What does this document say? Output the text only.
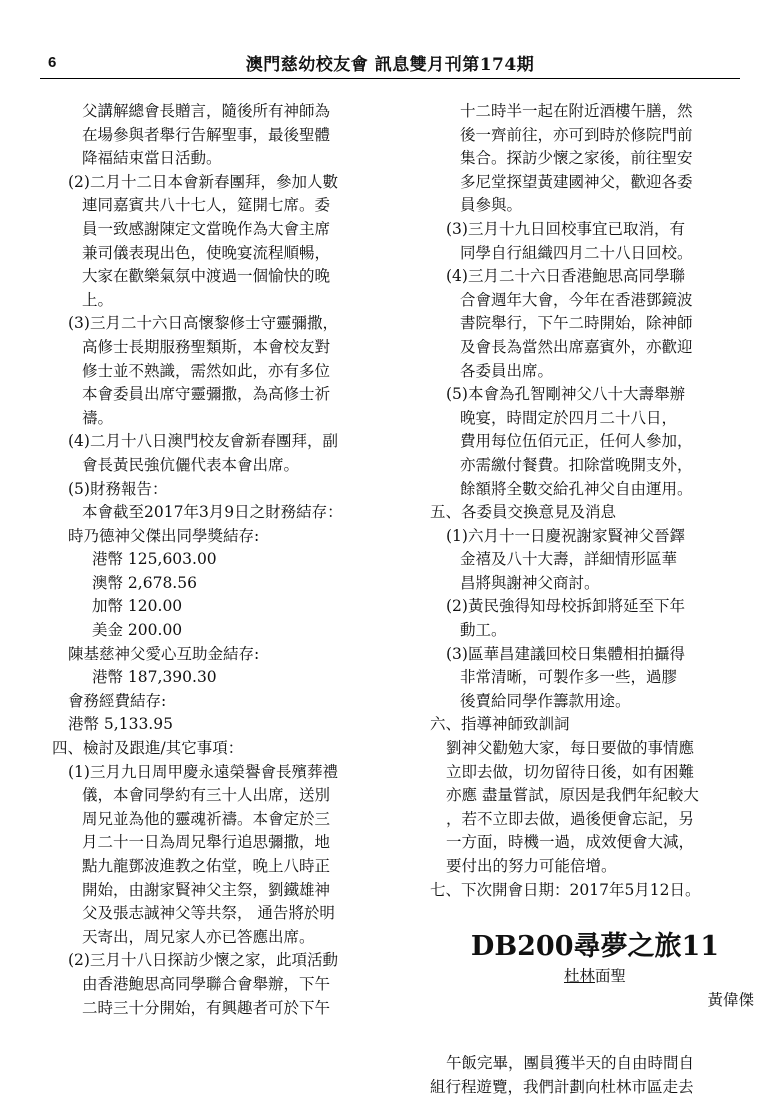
6	澳門慈幼校友會 訊息雙月刊第174期
父講解總會長贈言，隨後所有神師為
在場參與者舉行告解聖事，最後聖體
降福結束當日活動。
(2)二月十二日本會新春團拜，參加人數
連同嘉賓共八十七人，筵開七席。委
員一致感謝陳定文當晚作為大會主席
兼司儀表現出色，使晚宴流程順暢，
大家在歡樂氣氛中渡過一個愉快的晚
上。
(3)三月二十六日高懷黎修士守靈彌撒，
高修士長期服務聖類斯，本會校友對
修士並不熟識，需然如此，亦有多位
本會委員出席守靈彌撒，為高修士祈
禱。
(4)二月十八日澳門校友會新春團拜，副
會長黃民強伉儷代表本會出席。
(5)財務報告：
本會截至2017年3月9日之財務結存：
時乃德神父傑出同學獎結存:
港幣 125,603.00
澳幣 2,678.56
加幣 120.00
美金 200.00
陳基慈神父愛心互助金結存:
港幣 187,390.30
會務經費結存:
港幣 5,133.95
四、檢討及跟進/其它事項：
(1)三月九日周甲慶永遠榮譽會長殯葬禮
儀，本會同學約有三十人出席，送別
周兄並為他的靈魂祈禱。本會定於三
月二十一日為周兄舉行追思彌撒，地
點九龍鄧波進教之佑堂，晚上八時正
開始，由謝家賢神父主祭，劉鐵雄神
父及張志誠神父等共祭， 通告將於明
天寄出，周兄家人亦已答應出席。
(2)三月十八日探訪少懷之家，此項活動
由香港鮑思高同學聯合會舉辦，下午
二時三十分開始，有興趣者可於下午
十二時半一起在附近酒樓午膳，然
後一齊前往，亦可到時於修院門前
集合。探訪少懷之家後，前往聖安
多尼堂探望黃建國神父，歡迎各委
員參與。
(3)三月十九日回校事宜已取消，有
同學自行組織四月二十八日回校。
(4)三月二十六日香港鮑思高同學聯
合會週年大會，今年在香港鄧鏡波
書院舉行，下午二時開始，除神師
及會長為當然出席嘉賓外，亦歡迎
各委員出席。
(5)本會為孔智剛神父八十大壽舉辦
晚宴，時間定於四月二十八日，
費用每位伍佰元正，任何人參加，
亦需繳付餐費。扣除當晚開支外，
餘額將全數交給孔神父自由運用。
五、各委員交換意見及消息
(1)六月十一日慶祝謝家賢神父晉鐸
金禧及八十大壽，詳細情形區華
昌將與謝神父商討。
(2)黃民強得知母校拆卸將延至下年
動工。
(3)區華昌建議回校日集體相拍攝得
非常清晰，可製作多一些，過膠
後賣給同學作籌款用途。
六、指導神師致訓詞
劉神父勸勉大家，每日要做的事情應
立即去做，切勿留待日後，如有困難
亦應 盡量嘗試，原因是我們年紀較大
，若不立即去做，過後便會忘記，另
一方面，時機一過，成效便會大減，
要付出的努力可能倍增。
七、下次開會日期：2017年5月12日。
DB200尋夢之旅11
杜林面聖
黃偉傑
午飯完畢，團員獲半天的自由時間自
組行程遊覽，我們計劃向杜林市區走去
